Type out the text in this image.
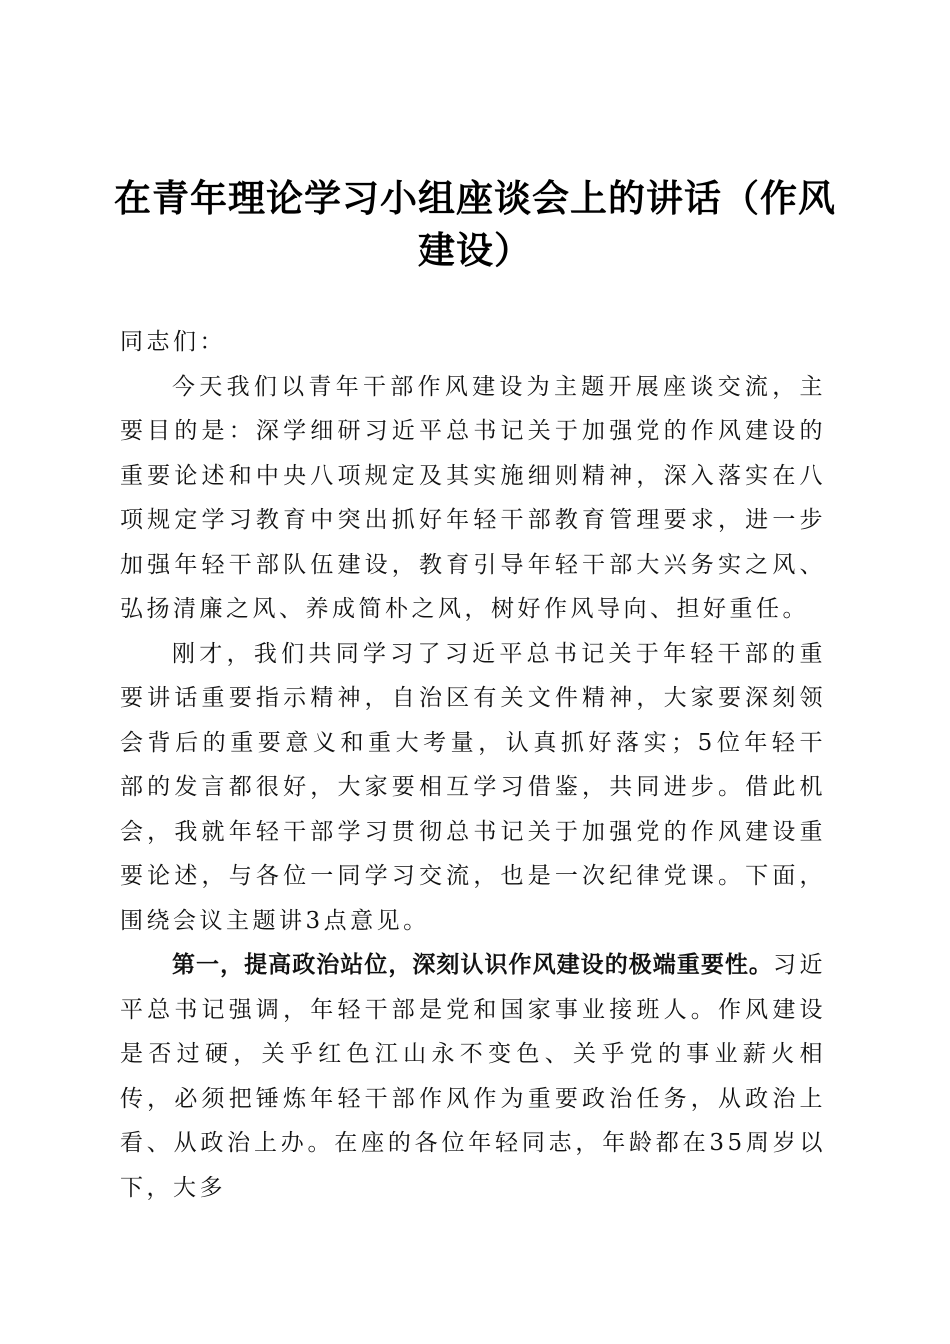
在青年理论学习小组座谈会上的讲话（作风建设）

同志们：

今天我们以青年干部作风建设为主题开展座谈交流，主要目的是：深学细研习近平总书记关于加强党的作风建设的重要论述和中央八项规定及其实施细则精神，深入落实在八项规定学习教育中突出抓好年轻干部教育管理要求，进一步加强年轻干部队伍建设，教育引导年轻干部大兴务实之风、弘扬清廉之风、养成简朴之风，树好作风导向、担好重任。

刚才，我们共同学习了习近平总书记关于年轻干部的重要讲话重要指示精神，自治区有关文件精神，大家要深刻领会背后的重要意义和重大考量，认真抓好落实；5位年轻干部的发言都很好，大家要相互学习借鉴，共同进步。借此机会，我就年轻干部学习贯彻总书记关于加强党的作风建设重要论述，与各位一同学习交流，也是一次纪律党课。下面，围绕会议主题讲3点意见。

第一，提高政治站位，深刻认识作风建设的极端重要性。习近平总书记强调，年轻干部是党和国家事业接班人。作风建设是否过硬，关乎红色江山永不变色、关乎党的事业薪火相传，必须把锤炼年轻干部作风作为重要政治任务，从政治上看、从政治上办。在座的各位年轻同志，年龄都在35周岁以下，大多
